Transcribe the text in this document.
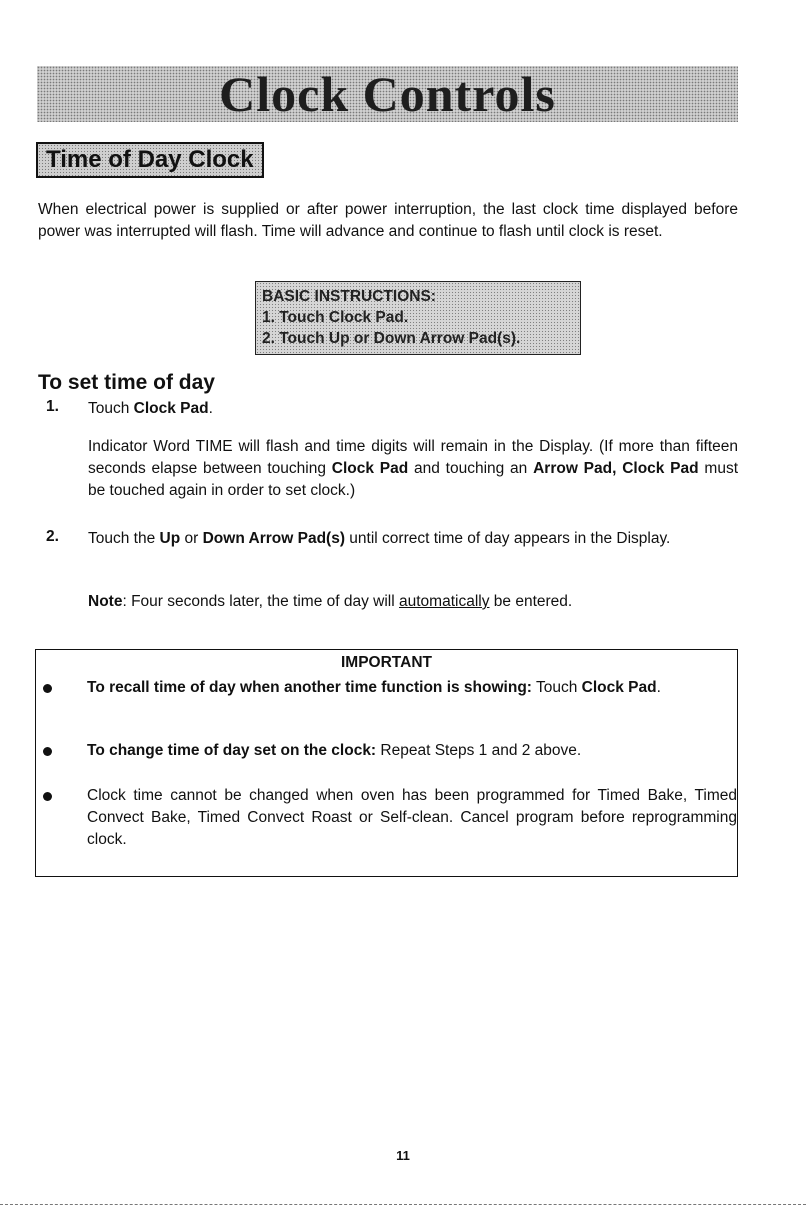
Clock Controls
Time of Day Clock

When electrical power is supplied or after power interruption, the last clock time displayed before power was interrupted will flash. Time will advance and continue to flash until clock is reset.

BASIC INSTRUCTIONS:
1. Touch Clock Pad.
2. Touch Up or Down Arrow Pad(s).
To set time of day
1. Touch Clock Pad.

Indicator Word TIME will flash and time digits will remain in the Display. (If more than fifteen seconds elapse between touching Clock Pad and touching an Arrow Pad, Clock Pad must be touched again in order to set clock.)

2. Touch the Up or Down Arrow Pad(s) until correct time of day appears in the Display.

Note: Four seconds later, the time of day will automatically be entered.

IMPORTANT

To recall time of day when another time function is showing: Touch Clock Pad.

To change time of day set on the clock: Repeat Steps 1 and 2 above.

Clock time cannot be changed when oven has been programmed for Timed Bake, Timed Convect Bake, Timed Convect Roast or Self-clean. Cancel program before reprogramming clock.

11
